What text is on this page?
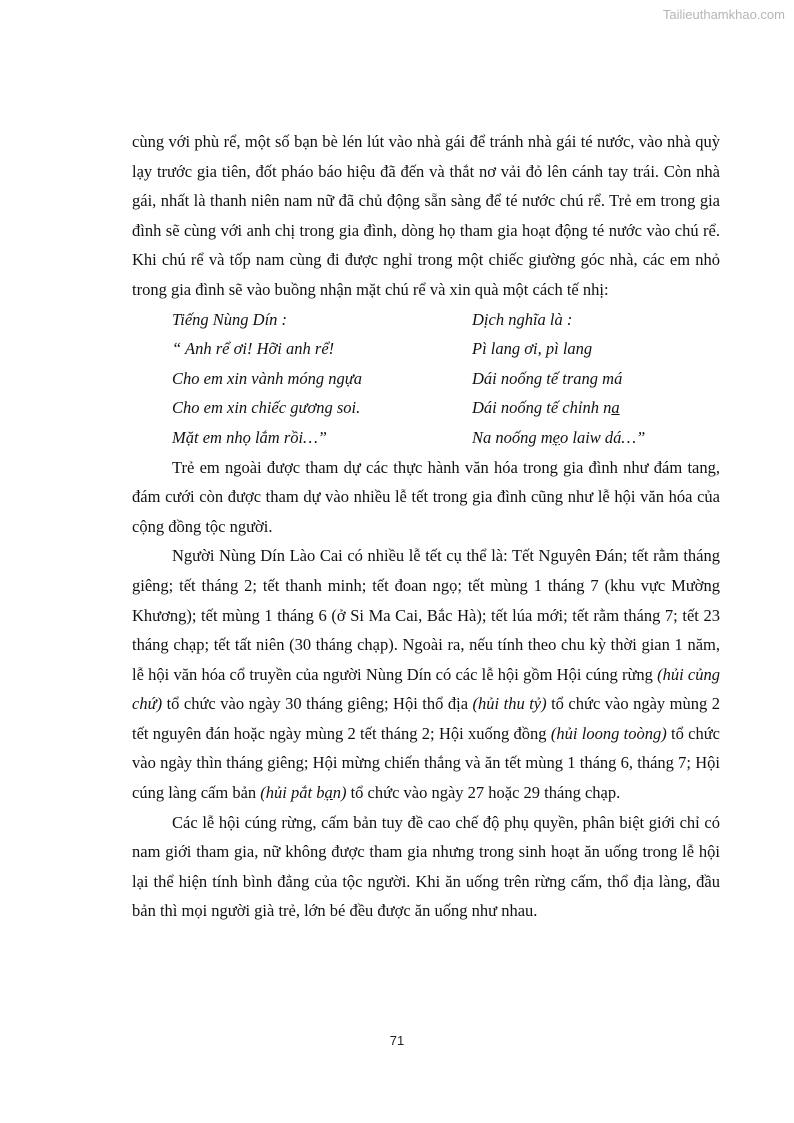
Tailieuthamkhao.com

cùng với phù rể, một số bạn bè lén lút vào nhà gái để tránh nhà gái té nước, vào nhà quỳ lạy trước gia tiên, đốt pháo báo hiệu đã đến và thắt nơ vải đỏ lên cánh tay trái. Còn nhà gái, nhất là thanh niên nam nữ đã chủ động sẵn sàng để té nước chú rể. Trẻ em trong gia đình sẽ cùng với anh chị trong gia đình, dòng họ tham gia hoạt động té nước vào chú rể. Khi chú rể và tốp nam cùng đi được nghỉ trong một chiếc giường góc nhà, các em nhỏ trong gia đình sẽ vào buồng nhận mặt chú rể và xin quà một cách tế nhị:

Tiếng Nùng Dín :	Dịch nghĩa là :
“ Anh rể ơi! Hỡi anh rể!	Pì lang ơi, pì lang
Cho em xin vành móng ngựa	Dái noống tế trang má
Cho em xin chiếc gương soi.	Dái noống tế chỉnh na
Mặt em nhọ lắm rồi…”	Na noống mẹo laiw dá…”

Trẻ em ngoài được tham dự các thực hành văn hóa trong gia đình như đám tang, đám cưới còn được tham dự vào nhiều lễ tết trong gia đình cũng như lễ hội văn hóa của cộng đồng tộc người.

Người Nùng Dín Lào Cai có nhiều lễ tết cụ thể là: Tết Nguyên Đán; tết rằm tháng giêng; tết tháng 2; tết thanh minh; tết đoan ngọ; tết mùng 1 tháng 7 (khu vực Mường Khương); tết mùng 1 tháng 6 (ở Si Ma Cai, Bắc Hà); tết lúa mới; tết rằm tháng 7; tết 23 tháng chạp; tết tất niên (30 tháng chạp). Ngoài ra, nếu tính theo chu kỳ thời gian 1 năm, lễ hội văn hóa cổ truyền của người Nùng Dín có các lễ hội gồm Hội cúng rừng (hủi củng chứ) tổ chức vào ngày 30 tháng giêng; Hội thổ địa (hủi thu tỷ) tổ chức vào ngày mùng 2 tết nguyên đán hoặc ngày mùng 2 tết tháng 2; Hội xuống đồng (hủi loong toòng) tổ chức vào ngày thìn tháng giêng; Hội mừng chiến thắng và ăn tết mùng 1 tháng 6, tháng 7; Hội cúng làng cấm bản (hủi pắt bạn) tổ chức vào ngày 27 hoặc 29 tháng chạp.

Các lễ hội cúng rừng, cấm bản tuy đề cao chế độ phụ quyền, phân biệt giới chỉ có nam giới tham gia, nữ không được tham gia nhưng trong sinh hoạt ăn uống trong lễ hội lại thể hiện tính bình đẳng của tộc người. Khi ăn uống trên rừng cấm, thổ địa làng, đầu bản thì mọi người già trẻ, lớn bé đều được ăn uống như nhau.

71
